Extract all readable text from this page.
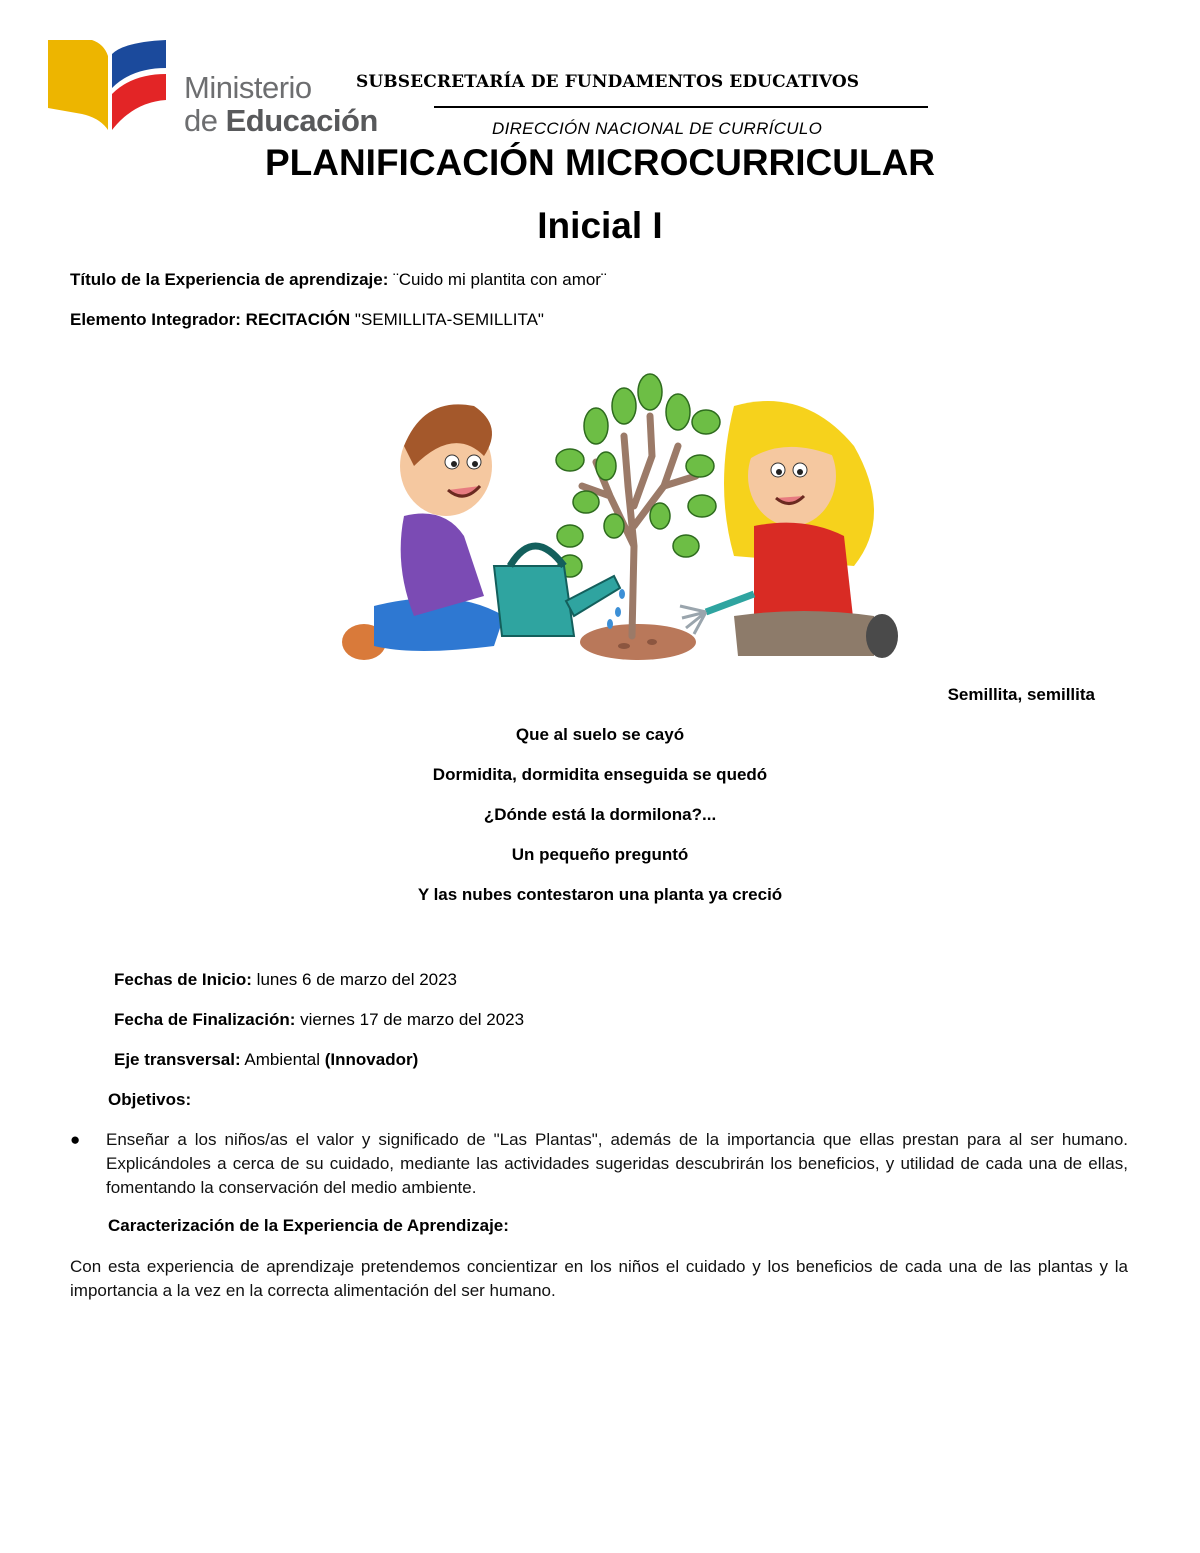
Ministerio
de Educación
SUBSECRETARÍA DE FUNDAMENTOS EDUCATIVOS
DIRECCIÓN NACIONAL DE CURRÍCULO
PLANIFICACIÓN MICROCURRICULAR
Inicial I
Título de la Experiencia de aprendizaje: ¨Cuido mi plantita con amor¨
Elemento Integrador: RECITACIÓN "SEMILLITA-SEMILLITA"
Semillita, semillita
Que al suelo se cayó
Dormidita, dormidita enseguida se quedó
¿Dónde está la dormilona?...
Un pequeño preguntó
Y las nubes contestaron una planta ya creció
Fechas de Inicio: lunes 6 de marzo del 2023
Fecha de Finalización: viernes 17 de marzo del 2023
Eje transversal: Ambiental (Innovador)
Objetivos:
● Enseñar a los niños/as el valor y significado de "Las Plantas", además de la importancia que ellas prestan para al ser humano. Explicándoles a cerca de su cuidado, mediante las actividades sugeridas descubrirán los beneficios, y utilidad de cada una de ellas, fomentando la conservación del medio ambiente.
Caracterización de la Experiencia de Aprendizaje:
Con esta experiencia de aprendizaje pretendemos concientizar en los niños el cuidado y los beneficios de cada una de las plantas y la importancia a la vez en la correcta alimentación del ser humano.
